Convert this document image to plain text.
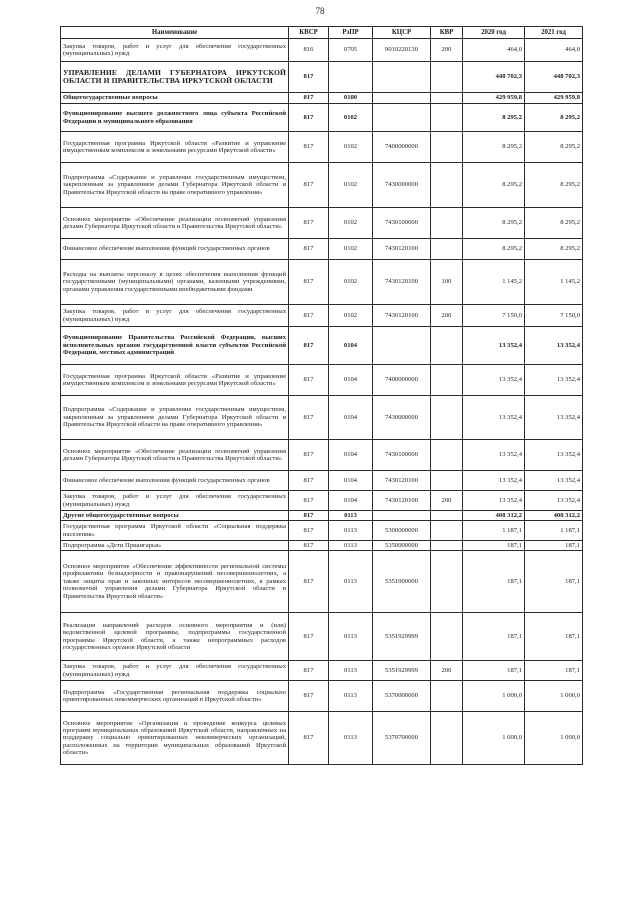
78
Наименование	КВСР	РзПР	КЦСР	КВР	2020 год	2021 год
Закупка товаров, работ и услуг для обеспечения государственных (муниципальных) нужд	816	0705	9010220130	200	464,0	464,0
УПРАВЛЕНИЕ ДЕЛАМИ ГУБЕРНАТОРА ИРКУТСКОЙ ОБЛАСТИ И ПРАВИТЕЛЬСТВА ИРКУТСКОЙ ОБЛАСТИ	817				448 702,3	448 702,3
Общегосударственные вопросы	817	0100			429 959,8	429 959,8
Функционирование высшего должностного лица субъекта Российской Федерации и муниципального образования	817	0102			8 295,2	8 295,2
Государственная программа Иркутской области «Развитие и управление имущественным комплексом и земельными ресурсами Иркутской области»	817	0102	7400000000		8 295,2	8 295,2
Подпрограмма «Содержание и управление государственным имуществом, закрепленным за управлением делами Губернатора Иркутской области и Правительства Иркутской области на праве оперативного управления»	817	0102	7430000000		8 295,2	8 295,2
Основное мероприятие «Обеспечение реализации полномочий управления делами Губернатора Иркутской области и Правительства Иркутской области»	817	0102	7430100000		8 295,2	8 295,2
Финансовое обеспечение выполнения функций государственных органов	817	0102	7430120100		8 295,2	8 295,2
Расходы на выплаты персоналу в целях обеспечения выполнения функций государственными (муниципальными) органами, казенными учреждениями, органами управления государственными внебюджетными фондами	817	0102	7430120100	100	1 145,2	1 145,2
Закупка товаров, работ и услуг для обеспечения государственных (муниципальных) нужд	817	0102	7430120100	200	7 150,0	7 150,0
Функционирование Правительства Российской Федерации, высших исполнительных органов государственной власти субъектов Российской Федерации, местных администраций	817	0104			13 352,4	13 352,4
Государственная программа Иркутской области «Развитие и управление имущественным комплексом и земельными ресурсами Иркутской области»	817	0104	7400000000		13 352,4	13 352,4
Подпрограмма «Содержание и управление государственным имуществом, закрепленным за управлением делами Губернатора Иркутской области и Правительства Иркутской области на праве оперативного управления»	817	0104	7430000000		13 352,4	13 352,4
Основное мероприятие «Обеспечение реализации полномочий управления делами Губернатора Иркутской области и Правительства Иркутской области»	817	0104	7430100000		13 352,4	13 352,4
Финансовое обеспечение выполнения функций государственных органов	817	0104	7430120100		13 352,4	13 352,4
Закупка товаров, работ и услуг для обеспечения государственных (муниципальных) нужд	817	0104	7430120100	200	13 352,4	13 352,4
Другие общегосударственные вопросы	817	0113			408 312,2	408 312,2
Государственная программа Иркутской области «Социальная поддержка населения»	817	0113	5300000000		1 187,1	1 187,1
Подпрограмма «Дети Приангарья»	817	0113	5350000000		187,1	187,1
Основное мероприятие «Обеспечение эффективности региональной системы профилактики безнадзорности и правонарушений несовершеннолетних, а также защиты прав и законных интересов несовершеннолетних, в рамках полномочий управления делами Губернатора Иркутской области и Правительства Иркутской области»	817	0113	5351900000		187,1	187,1
Реализация направлений расходов основного мероприятия и (или) ведомственной целевой программы, подпрограммы государственной программы Иркутской области, а также непрограммных расходов государственных органов Иркутской области	817	0113	5351929999		187,1	187,1
Закупка товаров, работ и услуг для обеспечения государственных (муниципальных) нужд	817	0113	5351929999	200	187,1	187,1
Подпрограмма «Государственная региональная поддержка социально ориентированных некоммерческих организаций в Иркутской области»	817	0113	5370000000		1 000,0	1 000,0
Основное мероприятие «Организация и проведение конкурса целевых программ муниципальных образований Иркутской области, направленных на поддержку социально ориентированных некоммерческих организаций, расположенных на территории муниципальных образований Иркутской области»	817	0113	5370700000		1 000,0	1 000,0
